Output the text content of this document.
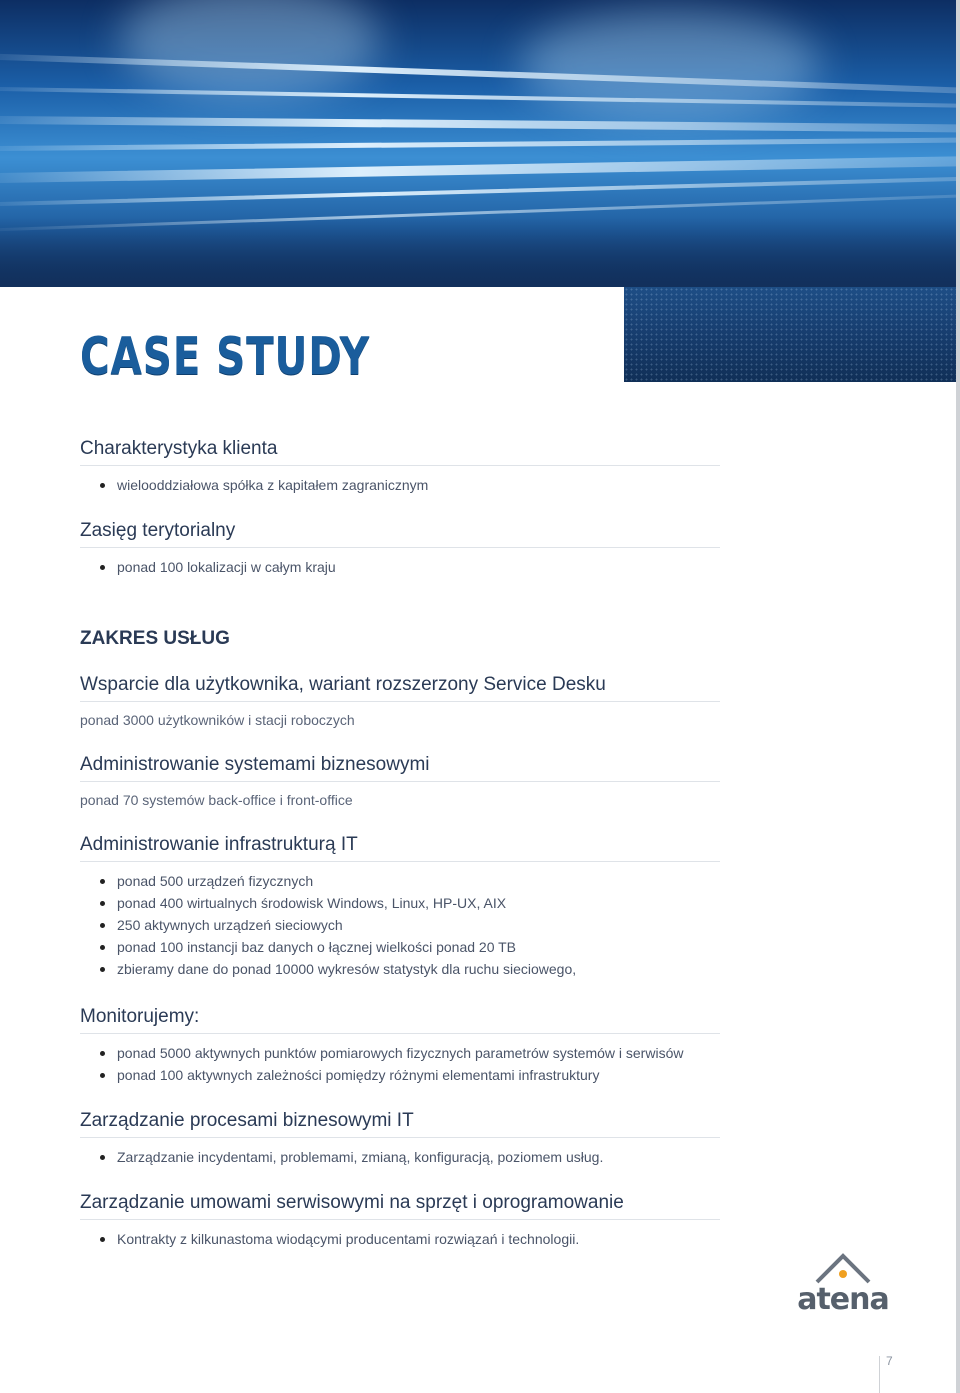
CASE STUDY
Charakterystyka klienta
wielooddziałowa spółka z kapitałem zagranicznym
Zasięg terytorialny
ponad 100 lokalizacji w całym kraju
ZAKRES USŁUG
Wsparcie dla użytkownika, wariant rozszerzony Service Desku

ponad 3000 użytkowników i stacji roboczych

Administrowanie systemami biznesowymi

ponad 70 systemów back-office i front-office

Administrowanie infrastrukturą IT
ponad 500 urządzeń fizycznych
ponad 400 wirtualnych środowisk Windows, Linux, HP-UX, AIX
250 aktywnych urządzeń sieciowych
ponad 100 instancji baz danych o łącznej wielkości ponad 20 TB
zbieramy dane do ponad 10000 wykresów statystyk dla ruchu sieciowego,
Monitorujemy:
ponad 5000 aktywnych punktów pomiarowych fizycznych parametrów systemów i serwisów
ponad 100 aktywnych zależności pomiędzy różnymi elementami infrastruktury
Zarządzanie procesami biznesowymi IT
Zarządzanie incydentami, problemami, zmianą, konfiguracją, poziomem usług.
Zarządzanie umowami serwisowymi na sprzęt i oprogramowanie
Kontrakty z kilkunastoma wiodącymi producentami rozwiązań i technologii.
atena
7
